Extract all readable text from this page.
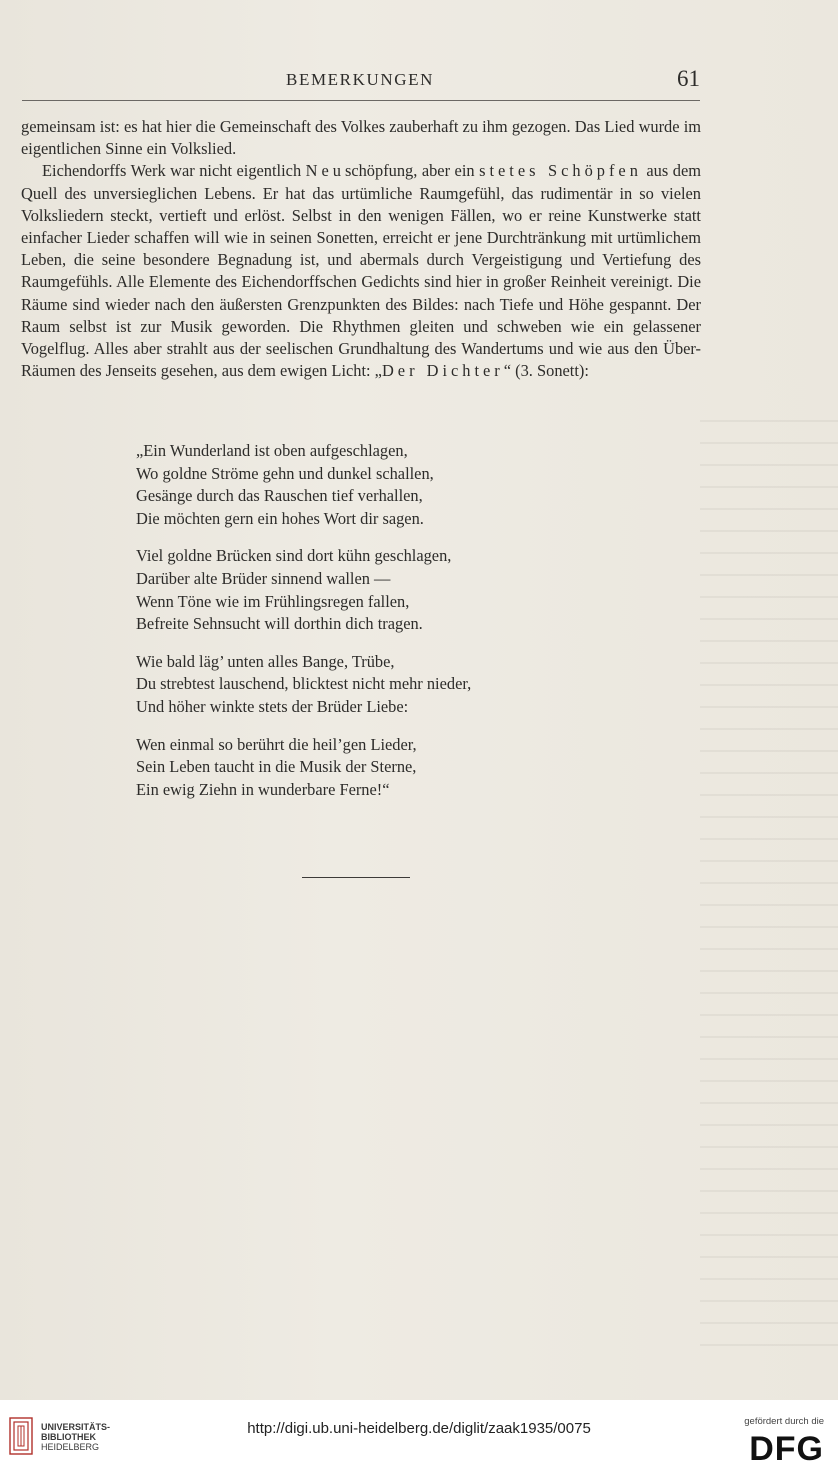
BEMERKUNGEN	61

gemeinsam ist: es hat hier die Gemeinschaft des Volkes zauberhaft zu ihm gezogen. Das Lied wurde im eigentlichen Sinne ein Volkslied.

Eichendorffs Werk war nicht eigentlich Neuschöpfung, aber ein stetes Schöpfen aus dem Quell des unversieglichen Lebens. Er hat das urtümliche Raumgefühl, das rudimentär in so vielen Volksliedern steckt, vertieft und erlöst. Selbst in den wenigen Fällen, wo er reine Kunstwerke statt einfacher Lieder schaffen will wie in seinen Sonetten, erreicht er jene Durchtränkung mit urtümlichem Leben, die seine besondere Begnadung ist, und abermals durch Vergeistigung und Vertiefung des Raumgefühls. Alle Elemente des Eichendorffschen Gedichts sind hier in großer Reinheit vereinigt. Die Räume sind wieder nach den äußersten Grenzpunkten des Bildes: nach Tiefe und Höhe gespannt. Der Raum selbst ist zur Musik geworden. Die Rhythmen gleiten und schweben wie ein gelassener Vogelflug. Alles aber strahlt aus der seelischen Grundhaltung des Wandertums und wie aus den Über-Räumen des Jenseits gesehen, aus dem ewigen Licht: „Der Dichter“ (3. Sonett):

„Ein Wunderland ist oben aufgeschlagen,
Wo goldne Ströme gehn und dunkel schallen,
Gesänge durch das Rauschen tief verhallen,
Die möchten gern ein hohes Wort dir sagen.
Viel goldne Brücken sind dort kühn geschlagen,
Darüber alte Brüder sinnend wallen —
Wenn Töne wie im Frühlingsregen fallen,
Befreite Sehnsucht will dorthin dich tragen.
Wie bald läg’ unten alles Bange, Trübe,
Du strebtest lauschend, blicktest nicht mehr nieder,
Und höher winkte stets der Brüder Liebe:
Wen einmal so berührt die heil’gen Lieder,
Sein Leben taucht in die Musik der Sterne,
Ein ewig Ziehn in wunderbare Ferne!“
UNIVERSITÄTS-
BIBLIOTHEK
HEIDELBERG
http://digi.ub.uni-heidelberg.de/diglit/zaak1935/0075	gefördert durch die
DFG
